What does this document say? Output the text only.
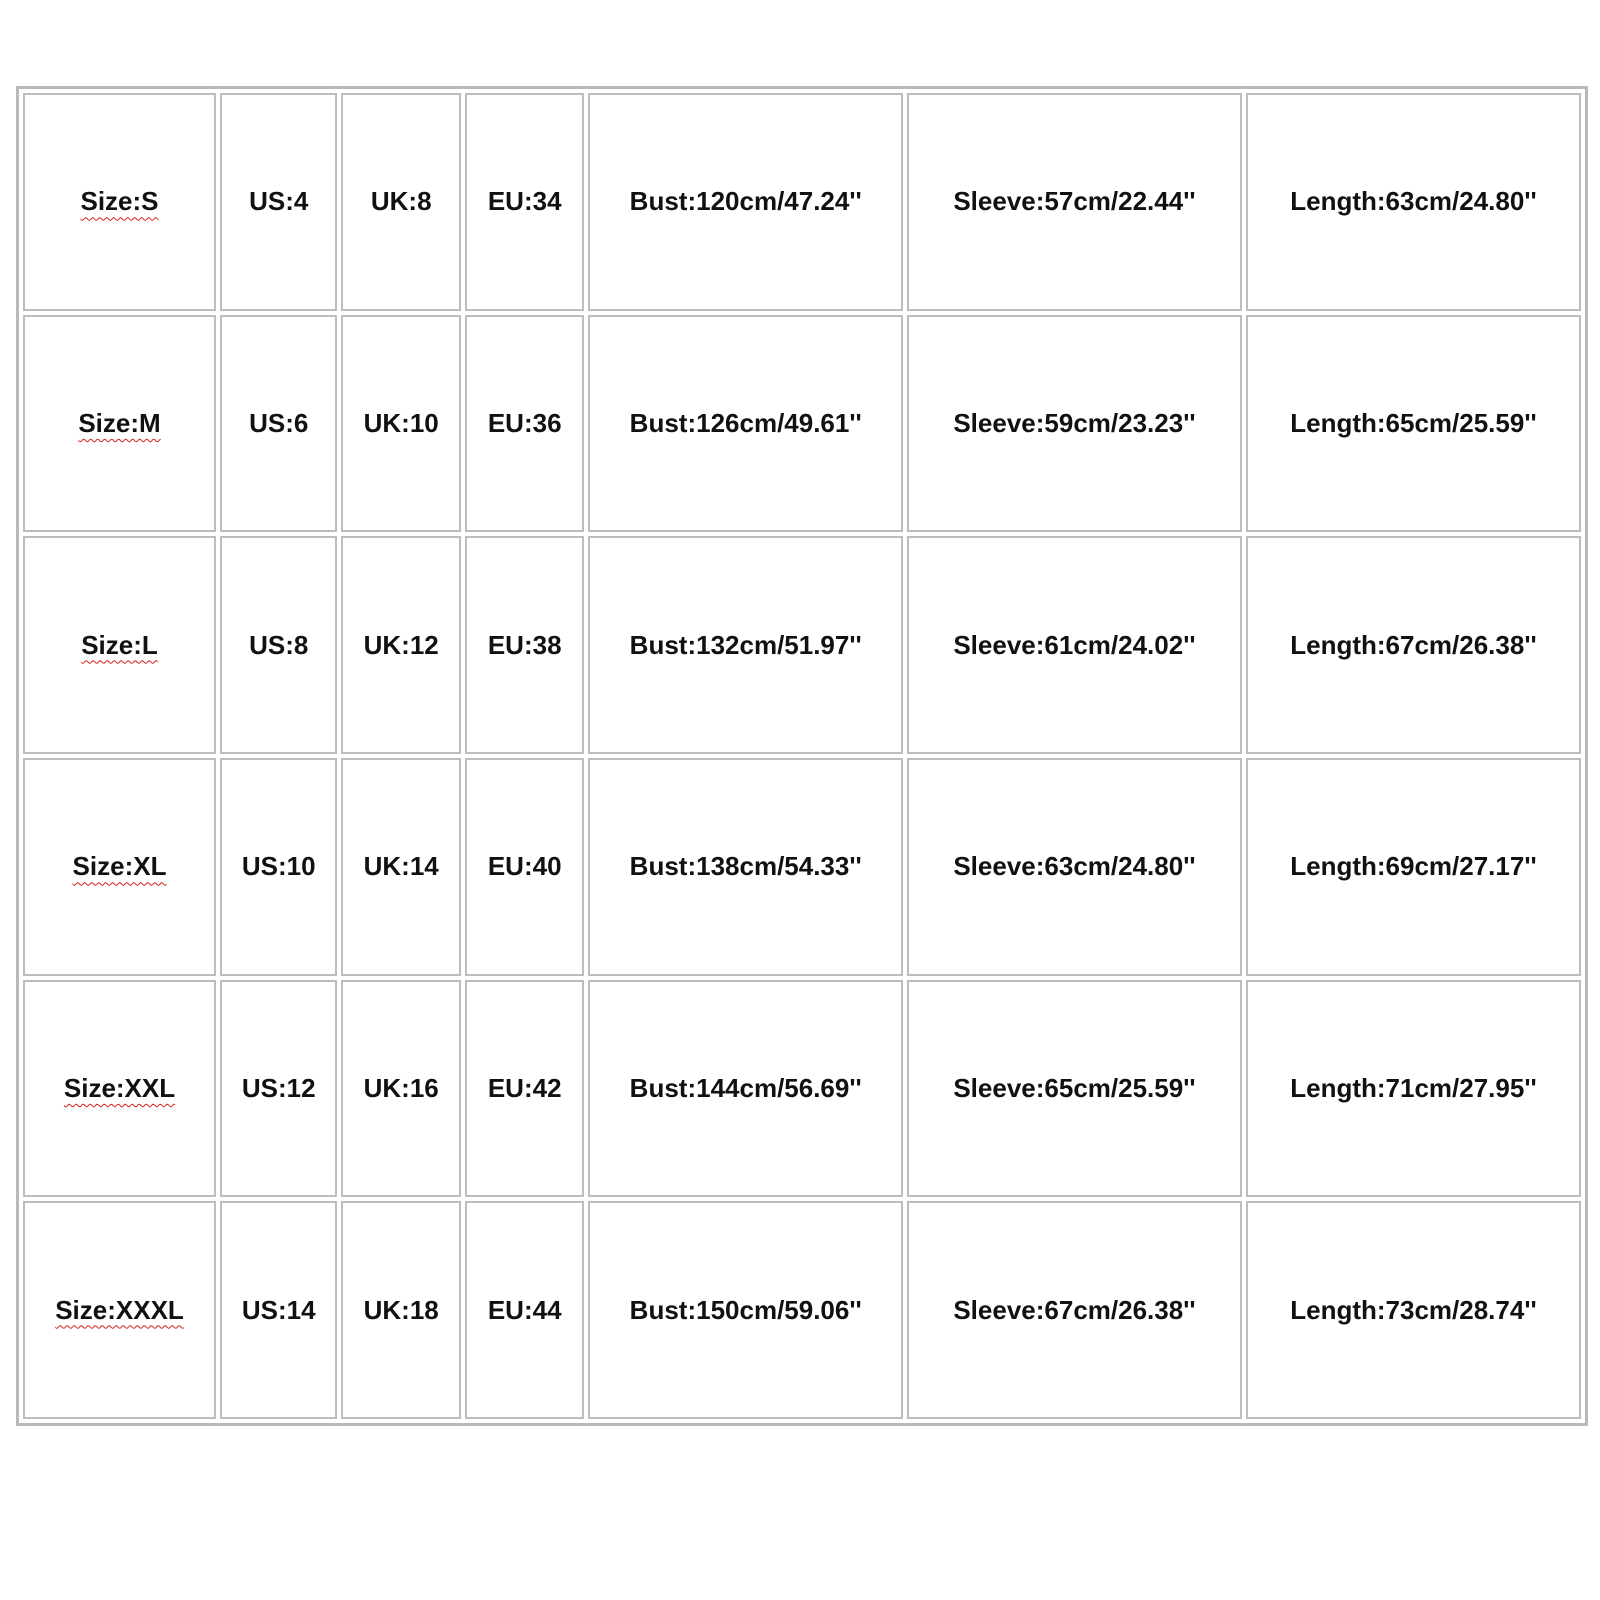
Size:S	US:4	UK:8	EU:34	Bust:120cm/47.24''	Sleeve:57cm/22.44''	Length:63cm/24.80''
Size:M	US:6	UK:10	EU:36	Bust:126cm/49.61''	Sleeve:59cm/23.23''	Length:65cm/25.59''
Size:L	US:8	UK:12	EU:38	Bust:132cm/51.97''	Sleeve:61cm/24.02''	Length:67cm/26.38''
Size:XL	US:10	UK:14	EU:40	Bust:138cm/54.33''	Sleeve:63cm/24.80''	Length:69cm/27.17''
Size:XXL	US:12	UK:16	EU:42	Bust:144cm/56.69''	Sleeve:65cm/25.59''	Length:71cm/27.95''
Size:XXXL	US:14	UK:18	EU:44	Bust:150cm/59.06''	Sleeve:67cm/26.38''	Length:73cm/28.74''
